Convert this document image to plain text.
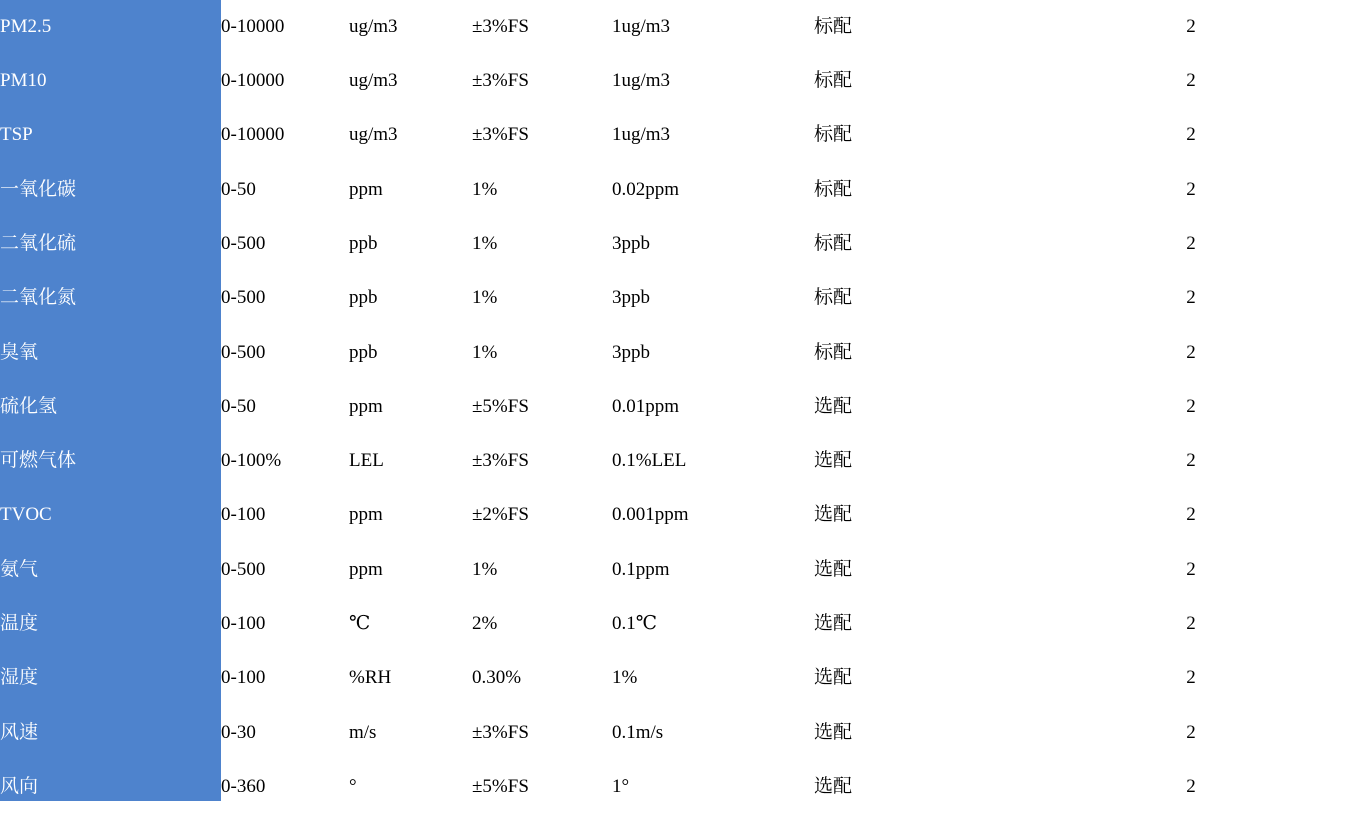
PM2.5	0-10000	ug/m3	±3%FS	1ug/m3	标配	2
PM10	0-10000	ug/m3	±3%FS	1ug/m3	标配	2
TSP	0-10000	ug/m3	±3%FS	1ug/m3	标配	2
一氧化碳	0-50	ppm	1%	0.02ppm	标配	2
二氧化硫	0-500	ppb	1%	3ppb	标配	2
二氧化氮	0-500	ppb	1%	3ppb	标配	2
臭氧	0-500	ppb	1%	3ppb	标配	2
硫化氢	0-50	ppm	±5%FS	0.01ppm	选配	2
可燃气体	0-100%	LEL	±3%FS	0.1%LEL	选配	2
TVOC	0-100	ppm	±2%FS	0.001ppm	选配	2
氨气	0-500	ppm	1%	0.1ppm	选配	2
温度	0-100	℃	2%	0.1℃	选配	2
湿度	0-100	%RH	0.30%	1%	选配	2
风速	0-30	m/s	±3%FS	0.1m/s	选配	2
风向	0-360	°	±5%FS	1°	选配	2
